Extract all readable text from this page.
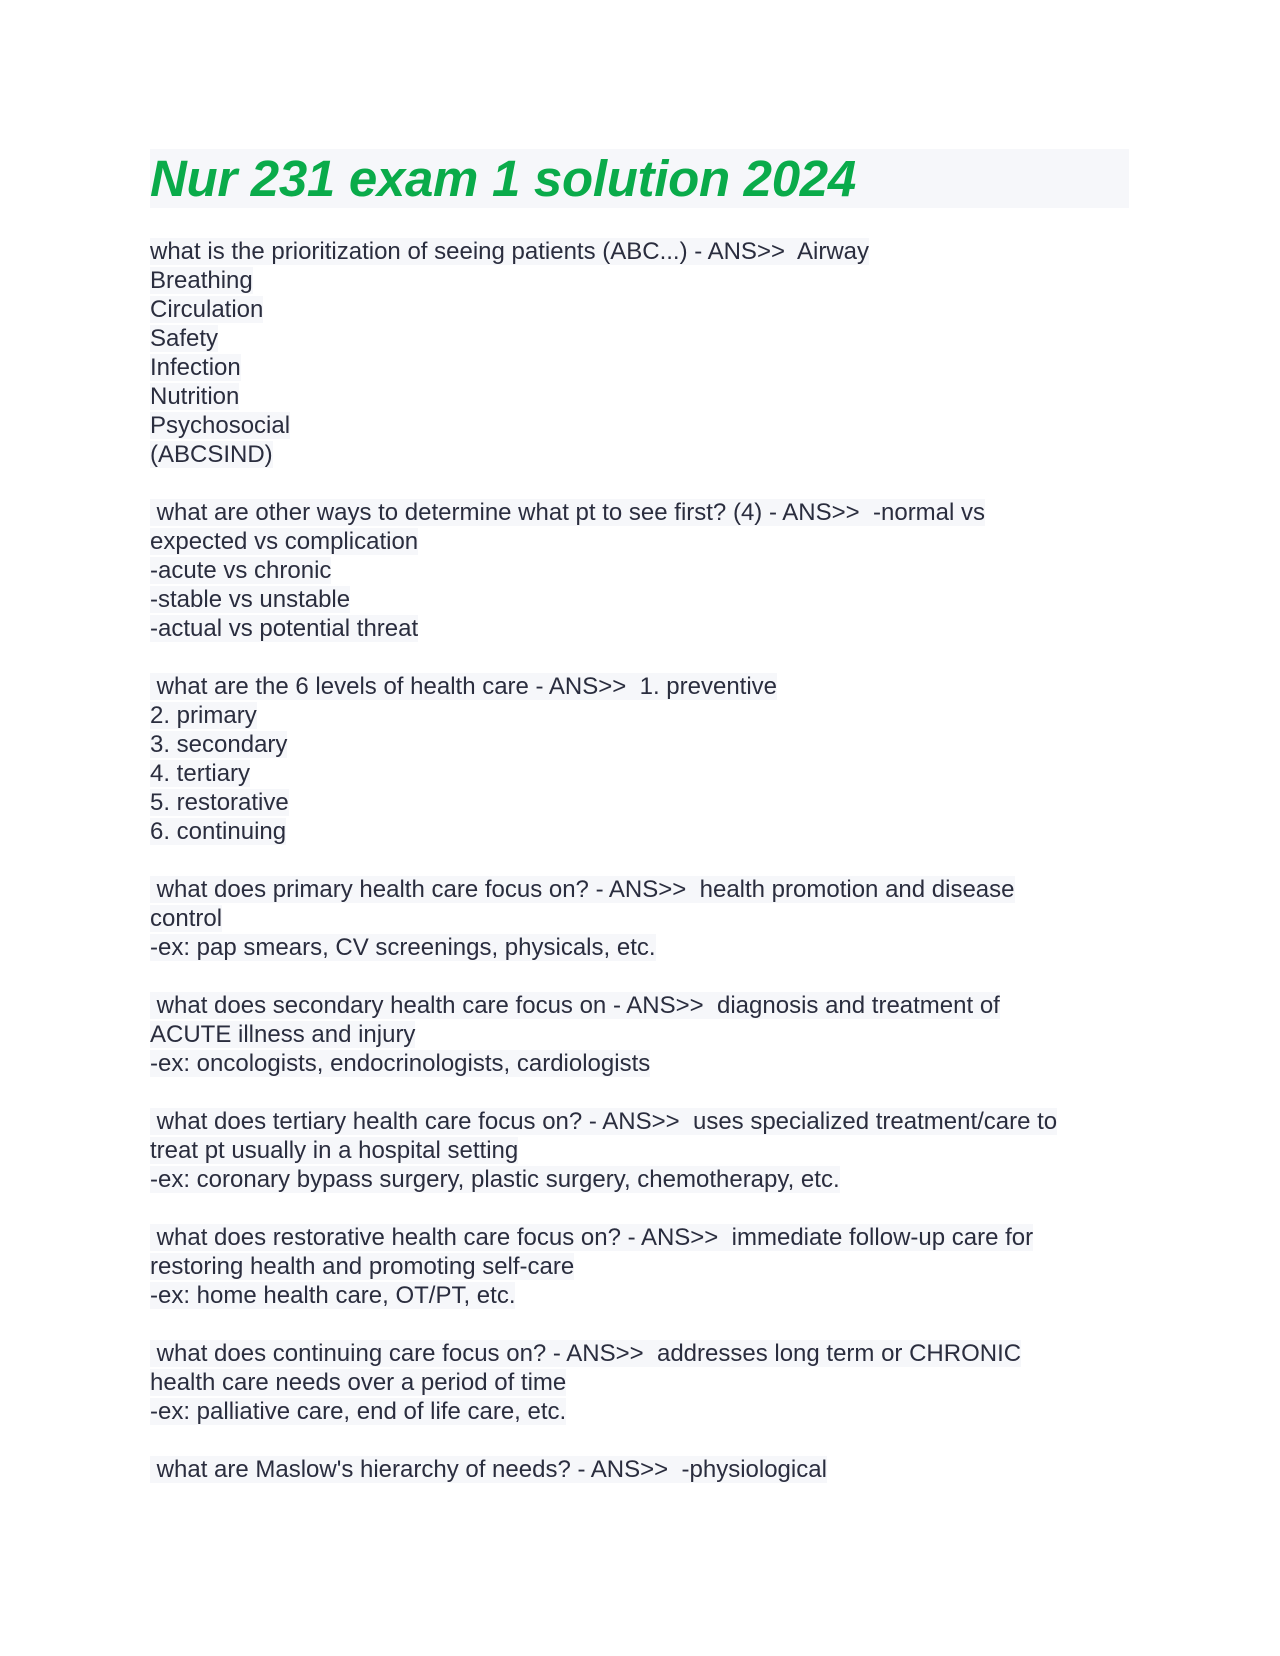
Nur 231 exam 1 solution 2024
what is the prioritization of seeing patients (ABC...) - ANS>>  Airway
Breathing
Circulation
Safety
Infection
Nutrition
Psychosocial
(ABCSIND)
what are other ways to determine what pt to see first? (4) - ANS>>  -normal vs
expected vs complication
-acute vs chronic
-stable vs unstable
-actual vs potential threat
what are the 6 levels of health care - ANS>>  1. preventive
2. primary
3. secondary
4. tertiary
5. restorative
6. continuing
what does primary health care focus on? - ANS>>  health promotion and disease
control
-ex: pap smears, CV screenings, physicals, etc.
what does secondary health care focus on - ANS>>  diagnosis and treatment of
ACUTE illness and injury
-ex: oncologists, endocrinologists, cardiologists
what does tertiary health care focus on? - ANS>>  uses specialized treatment/care to
treat pt usually in a hospital setting
-ex: coronary bypass surgery, plastic surgery, chemotherapy, etc.
what does restorative health care focus on? - ANS>>  immediate follow-up care for
restoring health and promoting self-care
-ex: home health care, OT/PT, etc.
what does continuing care focus on? - ANS>>  addresses long term or CHRONIC
health care needs over a period of time
-ex: palliative care, end of life care, etc.
what are Maslow's hierarchy of needs? - ANS>>  -physiological
